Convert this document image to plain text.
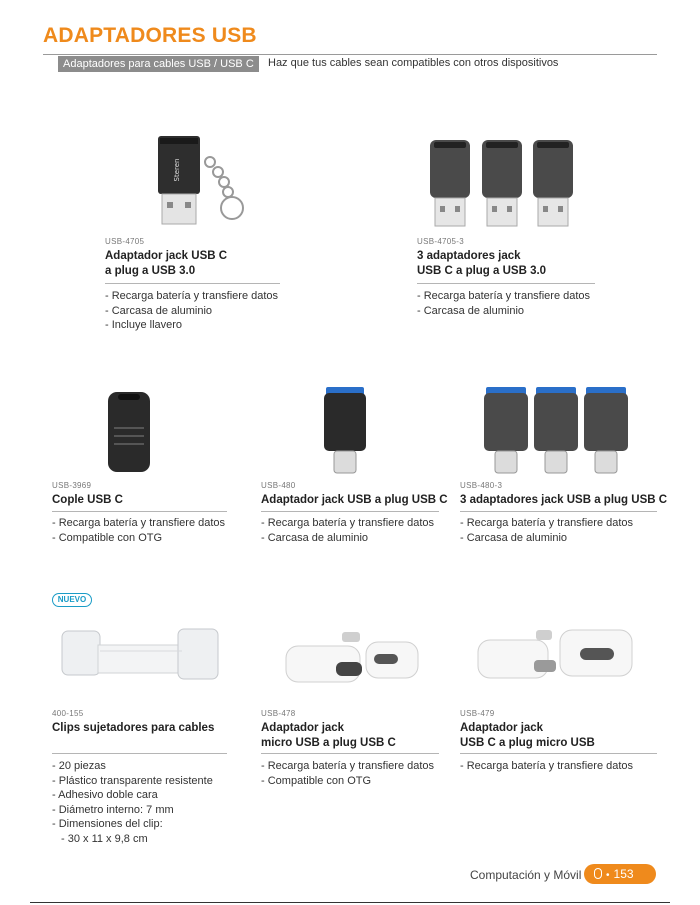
ADAPTADORES USB
Adaptadores para cables USB / USB C	Haz que tus cables sean compatibles con otros dispositivos
Steren
USB-4705
Adaptador jack USB C
a plug a USB 3.0
- Recarga batería y transfiere datos
- Carcasa de aluminio
- Incluye llavero
USB-4705-3
3 adaptadores jack
USB C a plug a USB 3.0
- Recarga batería y transfiere datos
- Carcasa de aluminio
USB-3969
Cople USB C
- Recarga batería y transfiere datos
- Compatible con OTG
USB-480
Adaptador jack USB a plug USB C
- Recarga batería y transfiere datos
- Carcasa de aluminio
USB-480-3
3 adaptadores jack USB a plug USB C
- Recarga batería y transfiere datos
- Carcasa de aluminio
NUEVO
400-155
Clips sujetadores para cables
- 20 piezas
- Plástico transparente resistente
- Adhesivo doble cara
- Diámetro interno: 7 mm
- Dimensiones del clip:
- 30 x 11 x 9,8 cm
USB-478
Adaptador jack
micro USB a plug USB C
- Recarga batería y transfiere datos
- Compatible con OTG
USB-479
Adaptador jack
USB C a plug micro USB
- Recarga batería y transfiere datos
Computación y Móvil	• 153
